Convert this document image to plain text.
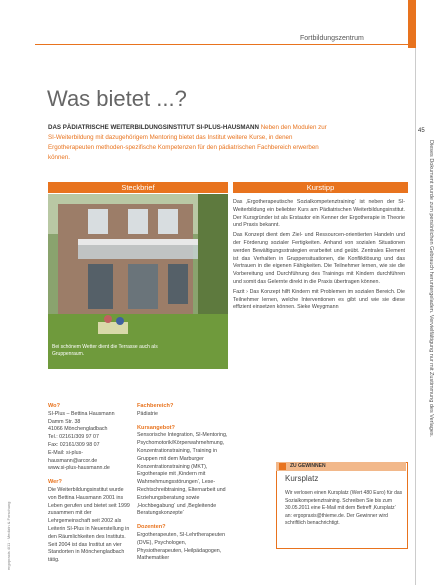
Fortbildungszentrum
45
Dieses Dokument wurde zum persönlichen Gebrauch heruntergeladen. Vervielfältigung nur mit Zustimmung des Verlages.
ergopraxis 4/11 · Medizin & Forschung
Was bietet ...?
DAS PÄDIATRISCHE WEITERBILDUNGSINSTITUT SI-PLUS-HAUSMANN Neben den Modulen zur SI-Weiterbildung mit dazugehörigem Mentoring bietet das Institut weitere Kurse, in denen Ergotherapeuten methoden-spezifische Kompetenzen für den pädiatrischen Fachbereich erwerben können.
Steckbrief	Kurstipp
Bei schönem Wetter dient die Terrasse auch als Gruppenraum.
Wo?
SI-Plus – Bettina Hausmann
Damm Str. 38
41066 Mönchengladbach
Tel.: 02161/309 97 07
Fax: 02161/309 98 07
E-Mail: si-plus-hausmann@arcor.de
www.si-plus-hausmann.de
Wer?
Die Weiterbildungsinstitut wurde von Bettina Hausmann 2001 ins Leben gerufen und bietet seit 1999 zusammen mit der Lehrgemeinschaft seit 2002 als Leiterin SI-Plus in Neuerstellung in den Räumlichkeiten des Instituts. Seit 2004 ist das Institut an vier Standorten in Mönchengladbach tätig.
Fachbereich?
Pädiatrie
Kursangebot?
Sensorische Integration, SI-Mentoring, Psychomotorik/Körperwahrnehmung, Konzentrationstraining, Training in Gruppen mit dem Marburger Konzentrationstraining (MKT), Ergotherapie mit ‚Kindern mit Wahrnehmungsstörungen‘, Lese-Rechtschreibtraining, Elternarbeit und Erziehungsberatung sowie ‚Hochbegabung‘ und ‚Begleitende Beratungskonzepte‘
Dozenten?
Ergotherapeuten, SI-Lehrtherapeuten (DVE), Psychologen, Physiotherapeuten, Heilpädagogen, Mathematiker

Das ‚Ergotherapeutische Sozialkompetenztraining‘ ist neben der SI-Weiterbildung ein beliebter Kurs am Pädiatrischen Weiterbildungsinstitut. Der Kursgründer ist als Erstautor ein Kenner der Ergotherapie in Theorie und Praxis bekannt.

Das Konzept dient dem Ziel- und Ressourcen-orientierten Handeln und der Förderung sozialer Fertigkeiten. Anhand von sozialen Situationen werden Bewältigungsstrategien erarbeitet und geübt. Zentrales Element ist das Verhalten in Gruppensituationen, die Konfliktlösung und das Vertrauen in die eigenen Fähigkeiten. Die Teilnehmer lernen, wie sie die Vorbereitung und Durchführung des Trainings mit Kindern durchführen und somit das Gelernte direkt in die Praxis übertragen können.

Fazit › Das Konzept hilft Kindern mit Problemen im sozialen Bereich. Die Teilnehmer lernen, welche Interventionen es gibt und wie sie diese effizient einsetzen können. Sieke Weygmann

ZU GEWINNEN
Kursplatz
Wir verlosen einen Kursplatz (Wert 480 Euro) für das Sozialkompetenztraining. Schreiben Sie bis zum 30.05.2011 eine E-Mail mit dem Betreff ‚Kursplatz‘ an: ergopraxis@thieme.de. Der Gewinner wird schriftlich benachrichtigt.
